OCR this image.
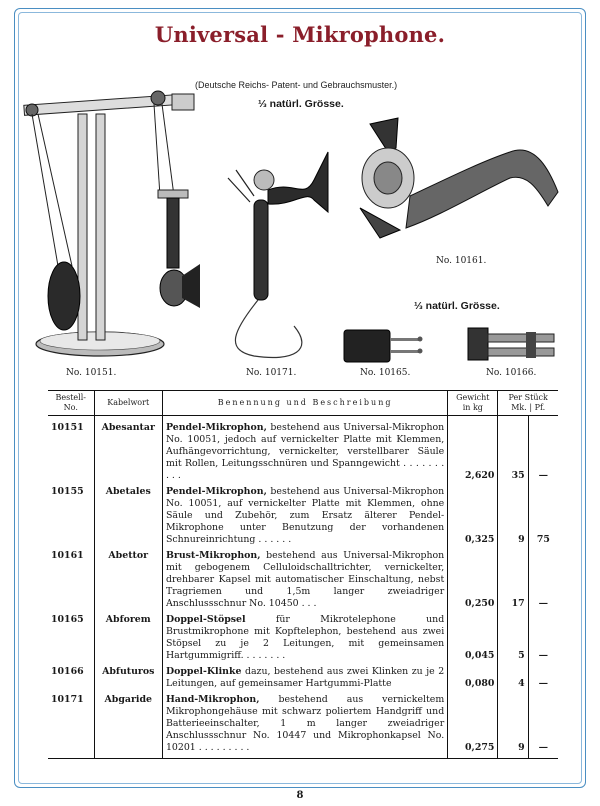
Universal - Mikrophone.
(Deutsche Reichs- Patent- und Gebrauchsmuster.)
⅓ natürl. Grösse.
⅓ natürl. Grösse.
No. 10151.	No. 10171.
No. 10161.
No. 10165.	No. 10166.
Bestell-
No.	Kabelwort	Benennung und Beschreibung	Gewicht
in kg	Per Stück
Mk. | Pf.	
10151	Abesantar	Pendel-Mikrophon, bestehend aus Universal-Mikrophon No. 10051, jedoch auf vernickelter Platte mit Klemmen, Aufhängevorrichtung, vernickelter, verstellbarer Säule mit Rollen, Leitungsschnüren und Spanngewicht . . . . . . . . . .	2,620	35	—
10155	Abetales	Pendel-Mikrophon, bestehend aus Universal-Mikrophon No. 10051, auf vernickelter Platte mit Klemmen, ohne Säule und Zubehör, zum Ersatz älterer Pendel-Mikrophone unter Benutzung der vorhandenen Schnureinrichtung . . . . . .	0,325	9	75
10161	Abettor	Brust-Mikrophon, bestehend aus Universal-Mikrophon mit gebogenem Celluloidschalltrichter, vernickelter, drehbarer Kapsel mit automatischer Einschaltung, nebst Tragriemen und 1,5m langer zweiadriger Anschlussschnur No. 10450 . . .	0,250	17	—
10165	Abforem	Doppel-Stöpsel für Mikrotelephone und Brustmikrophone mit Kopftelephon, bestehend aus zwei Stöpsel zu je 2 Leitungen, mit gemeinsamen Hartgummigriff. . . . . . . .	0,045	5	—
10166	Abfuturos	Doppel-Klinke dazu, bestehend aus zwei Klinken zu je 2 Leitungen, auf gemeinsamer Hartgummi-Platte	0,080	4	—
10171	Abgaride	Hand-Mikrophon, bestehend aus vernickeltem Mikrophongehäuse mit schwarz poliertem Handgriff und Batterieeinschalter, 1 m langer zweiadriger Anschlussschnur No. 10447 und Mikrophonkapsel No. 10201 . . . . . . . . .	0,275	9	—
8
